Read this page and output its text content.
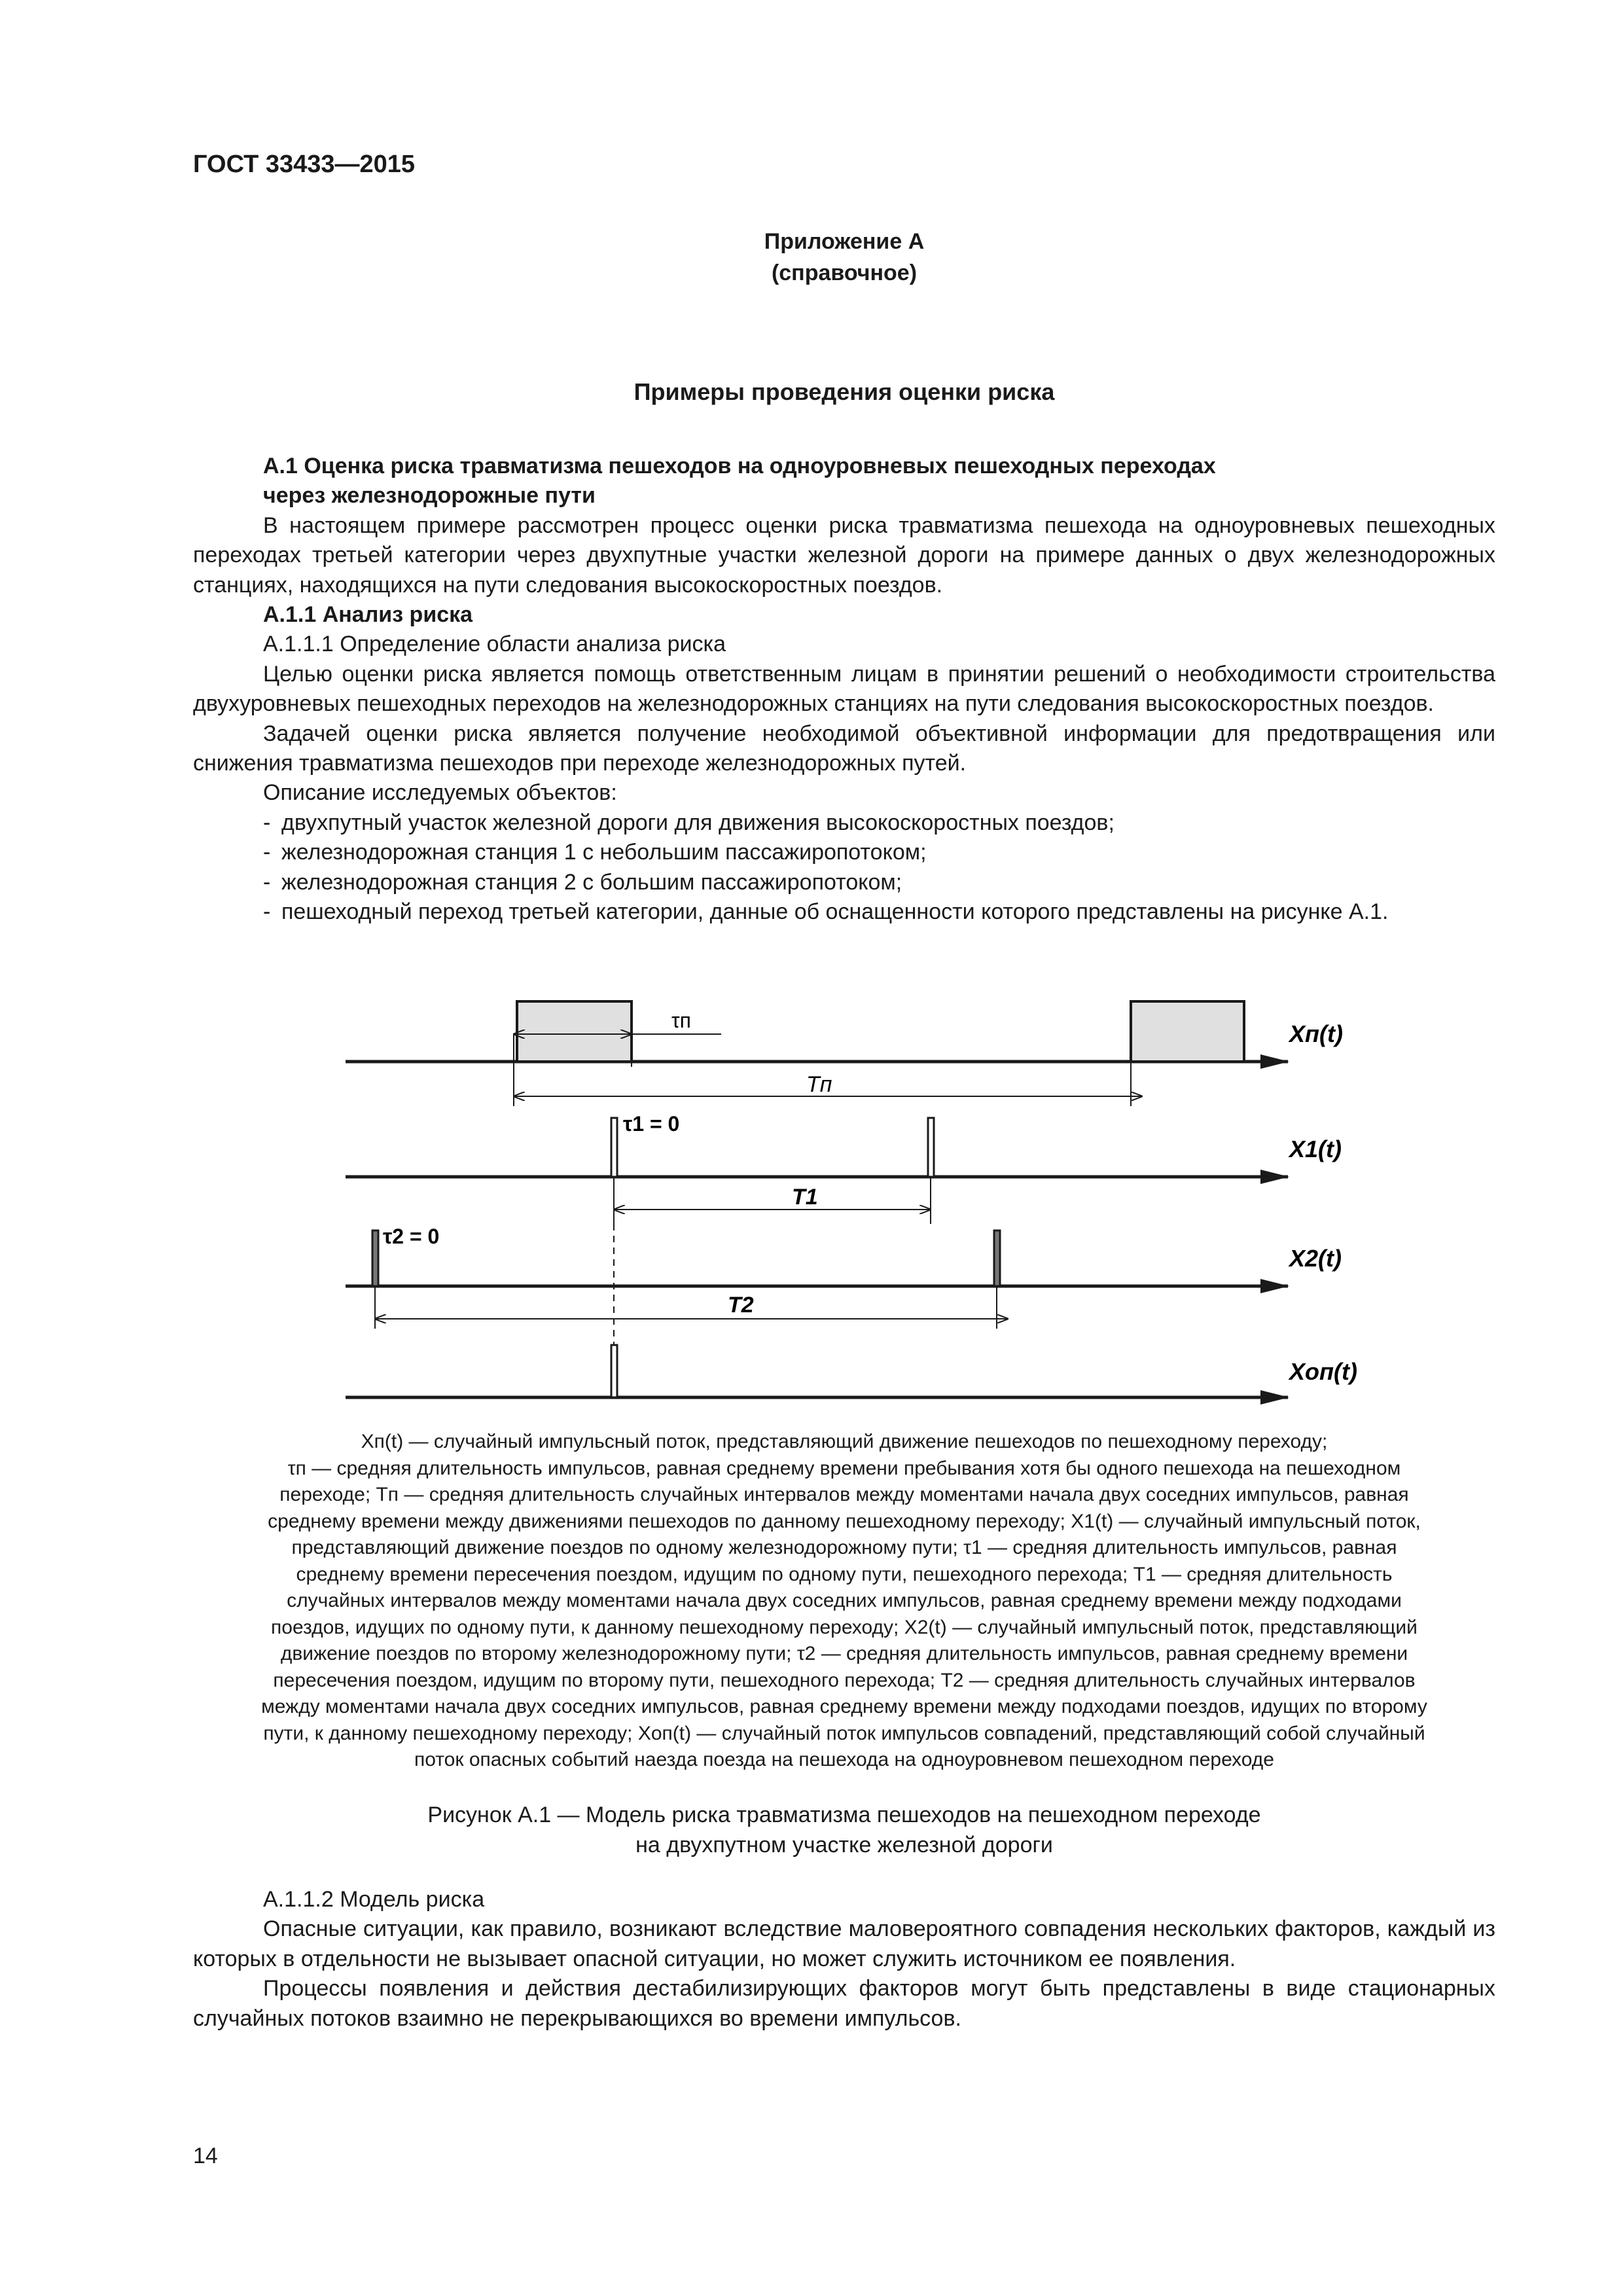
ГОСТ 33433—2015
Приложение А
(справочное)
Примеры проведения оценки риска

А.1 Оценка риска травматизма пешеходов на одноуровневых пешеходных переходах

через железнодорожные пути

В настоящем примере рассмотрен процесс оценки риска травматизма пешехода на одноуровневых пешеходных переходах третьей категории через двухпутные участки железной дороги на примере данных о двух железнодорожных станциях, находящихся на пути следования высокоскоростных поездов.

А.1.1 Анализ риска

А.1.1.1 Определение области анализа риска

Целью оценки риска является помощь ответственным лицам в принятии решений о необходимости строительства двухуровневых пешеходных переходов на железнодорожных станциях на пути следования высокоскоростных поездов.

Задачей оценки риска является получение необходимой объективной информации для предотвращения или снижения травматизма пешеходов при переходе железнодорожных путей.

Описание исследуемых объектов:

- двухпутный участок железной дороги для движения высокоскоростных поездов;

- железнодорожная станция 1 с небольшим пассажиропотоком;

- железнодорожная станция 2 с большим пассажиропотоком;

- пешеходный переход третьей категории, данные об оснащенности которого представлены на рисунке А.1.

τп
Tп
Xп(t)
τ1 = 0
T1
X1(t)
τ2 = 0
T2
X2(t)
Xоп(t)

Xп(t) — случайный импульсный поток, представляющий движение пешеходов по пешеходному переходу;

τп — средняя длительность импульсов, равная среднему времени пребывания хотя бы одного пешехода на пешеходном

переходе; Tп — средняя длительность случайных интервалов между моментами начала двух соседних импульсов, равная

среднему времени между движениями пешеходов по данному пешеходному переходу; X1(t) — случайный импульсный поток,

представляющий движение поездов по одному железнодорожному пути; τ1 — средняя длительность импульсов, равная

среднему времени пересечения поездом, идущим по одному пути, пешеходного перехода; T1 — средняя длительность

случайных интервалов между моментами начала двух соседних импульсов, равная среднему времени между подходами

поездов, идущих по одному пути, к данному пешеходному переходу; X2(t) — случайный импульсный поток, представляющий

движение поездов по второму железнодорожному пути; τ2 — средняя длительность импульсов, равная среднему времени

пересечения поездом, идущим по второму пути, пешеходного перехода; T2 — средняя длительность случайных интервалов

между моментами начала двух соседних импульсов, равная среднему времени между подходами поездов, идущих по второму

пути, к данному пешеходному переходу; Xоп(t) — случайный поток импульсов совпадений, представляющий собой случайный

поток опасных событий наезда поезда на пешехода на одноуровневом пешеходном переходе

Рисунок А.1 — Модель риска травматизма пешеходов на пешеходном переходе
на двухпутном участке железной дороги

А.1.1.2 Модель риска

Опасные ситуации, как правило, возникают вследствие маловероятного совпадения нескольких факторов, каждый из которых в отдельности не вызывает опасной ситуации, но может служить источником ее появления.

Процессы появления и действия дестабилизирующих факторов могут быть представлены в виде стационарных случайных потоков взаимно не перекрывающихся во времени импульсов.

14
